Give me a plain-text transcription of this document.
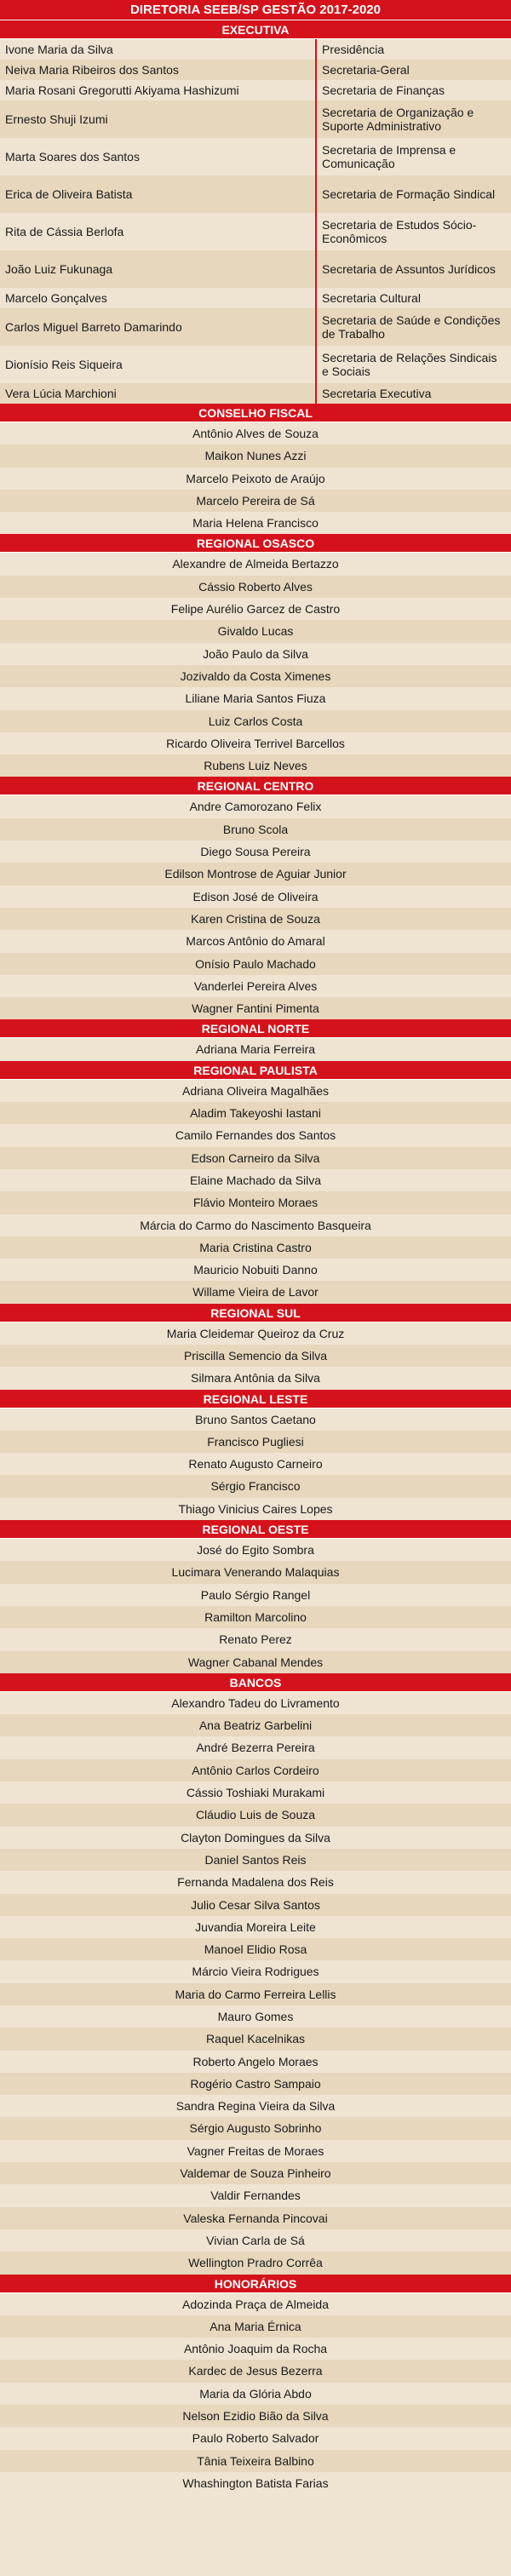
DIRETORIA SEEB/SP GESTÃO 2017-2020
EXECUTIVA
Ivone Maria da Silva	Presidência
Neiva Maria Ribeiros dos Santos	Secretaria-Geral
Maria Rosani Gregorutti Akiyama Hashizumi	Secretaria de Finanças
Ernesto Shuji Izumi	Secretaria de Organização e Suporte Administrativo
Marta Soares dos Santos	Secretaria de Imprensa e Comunicação
Erica de Oliveira Batista	Secretaria de Formação Sindical
Rita de Cássia Berlofa	Secretaria de Estudos Sócio-Econômicos
João Luiz Fukunaga	Secretaria de Assuntos Jurídicos
Marcelo Gonçalves	Secretaria Cultural
Carlos Miguel Barreto Damarindo	Secretaria de Saúde e Condições de Trabalho
Dionísio Reis Siqueira	Secretaria de Relações Sindicais e Sociais
Vera Lúcia Marchioni	Secretaria Executiva
CONSELHO FISCAL
Antônio Alves de Souza
Maikon Nunes Azzi
Marcelo Peixoto de Araújo
Marcelo Pereira de Sá
Maria Helena Francisco
REGIONAL OSASCO
Alexandre de Almeida Bertazzo
Cássio Roberto Alves
Felipe Aurélio Garcez de Castro
Givaldo Lucas
João Paulo da Silva
Jozivaldo da Costa Ximenes
Liliane Maria Santos Fiuza
Luiz Carlos Costa
Ricardo Oliveira Terrivel Barcellos
Rubens Luiz Neves
REGIONAL CENTRO
Andre Camorozano Felix
Bruno Scola
Diego Sousa Pereira
Edilson Montrose de Aguiar Junior
Edison José de Oliveira
Karen Cristina de Souza
Marcos Antônio do Amaral
Onísio Paulo Machado
Vanderlei Pereira Alves
Wagner Fantini Pimenta
REGIONAL NORTE
Adriana Maria Ferreira
REGIONAL PAULISTA
Adriana Oliveira Magalhães
Aladim Takeyoshi Iastani
Camilo Fernandes dos Santos
Edson Carneiro da Silva
Elaine Machado da Silva
Flávio Monteiro Moraes
Márcia do Carmo do Nascimento Basqueira
Maria Cristina Castro
Mauricio Nobuiti Danno
Willame Vieira de Lavor
REGIONAL SUL
Maria Cleidemar Queiroz da Cruz
Priscilla Semencio da Silva
Silmara Antônia da Silva
REGIONAL LESTE
Bruno Santos Caetano
Francisco Pugliesi
Renato Augusto Carneiro
Sérgio Francisco
Thiago Vinicius Caires Lopes
REGIONAL OESTE
José do Egito Sombra
Lucimara Venerando Malaquias
Paulo Sérgio Rangel
Ramilton Marcolino
Renato Perez
Wagner Cabanal Mendes
BANCOS
Alexandro Tadeu do Livramento
Ana Beatriz Garbelini
André Bezerra Pereira
Antônio Carlos Cordeiro
Cássio Toshiaki Murakami
Cláudio Luis de Souza
Clayton Domingues da Silva
Daniel Santos Reis
Fernanda Madalena dos Reis
Julio Cesar Silva Santos
Juvandia Moreira Leite
Manoel Elidio Rosa
Márcio Vieira Rodrigues
Maria do Carmo Ferreira Lellis
Mauro Gomes
Raquel Kacelnikas
Roberto Angelo Moraes
Rogério Castro Sampaio
Sandra Regina Vieira da Silva
Sérgio Augusto Sobrinho
Vagner Freitas de Moraes
Valdemar de Souza Pinheiro
Valdir Fernandes
Valeska Fernanda Pincovai
Vivian Carla de Sá
Wellington Pradro Corrêa
HONORÁRIOS
Adozinda Praça de Almeida
Ana Maria Érnica
Antônio Joaquim da Rocha
Kardec de Jesus Bezerra
Maria da Glória Abdo
Nelson Ezidio Bião da Silva
Paulo Roberto Salvador
Tânia Teixeira Balbino
Whashington Batista Farias
